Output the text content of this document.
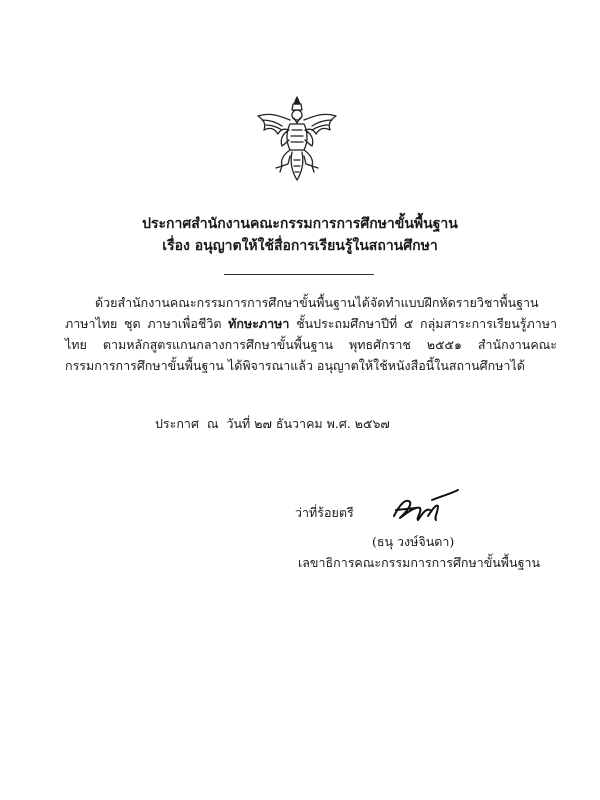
ประกาศสำนักงานคณะกรรมการการศึกษาขั้นพื้นฐาน
เรื่อง อนุญาตให้ใช้สื่อการเรียนรู้ในสถานศึกษา
ด้วยสำนักงานคณะกรรมการการศึกษาขั้นพื้นฐานได้จัดทำแบบฝึกหัดรายวิชาพื้นฐาน ภาษาไทย ชุด ภาษาเพื่อชีวิต ทักษะภาษา ชั้นประถมศึกษาปีที่ ๕ กลุ่มสาระการเรียนรู้ภาษาไทย ตามหลักสูตรแกนกลางการศึกษาขั้นพื้นฐาน พุทธศักราช ๒๕๕๑ สำนักงานคณะกรรมการการศึกษาขั้นพื้นฐาน ได้พิจารณาแล้ว อนุญาตให้ใช้หนังสือนี้ในสถานศึกษาได้
ประกาศ ณ วันที่ ๒๗ ธันวาคม พ.ศ. ๒๕๖๗
ว่าที่ร้อยตรี
(ธนุ วงษ์จินดา)
เลขาธิการคณะกรรมการการศึกษาขั้นพื้นฐาน
